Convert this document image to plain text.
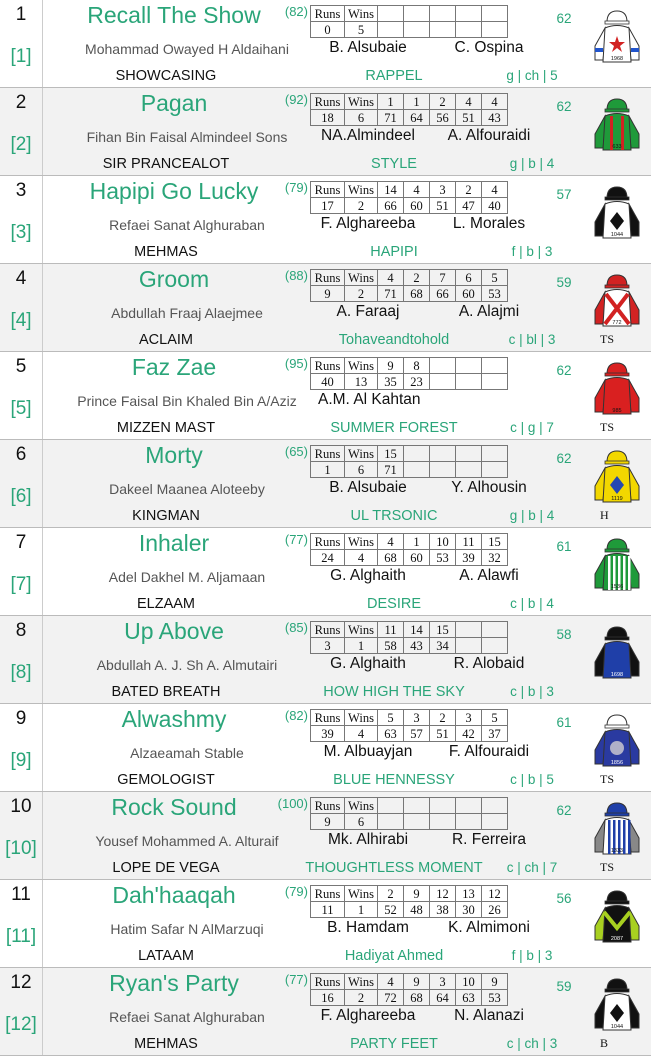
1
[1]
Recall The Show	(82) Runs	Wins					
0	5					
62
Mohammad Owayed H Aldaihani	B. Alsubaie	C. Ospina
SHOWCASING	RAPPEL	g | ch | 5
1968
2
[2]
Pagan	(92) Runs	Wins	1	1	2	4	4
18	6	71	64	56	51	43
62
Fihan Bin Faisal Almindeel Sons	NA.Almindeel	A. Alfouraidi
SIR PRANCEALOT	STYLE	g | b | 4
633
3
[3]
Hapipi Go Lucky	(79) Runs	Wins	14	4	3	2	4
17	2	66	60	51	47	40
57
Refaei Sanat Alghuraban	F. Alghareeba	L. Morales
MEHMAS	HAPIPI	f | b | 3
1044
4
[4]
Groom	(88) Runs	Wins	4	2	7	6	5
9	2	71	68	66	60	53
59
Abdullah Fraaj Alaejmee	A. Faraaj	A. Alajmi
ACLAIM	Tohaveandtohold	c | bl | 3
772
TS
5
[5]
Faz Zae	(95) Runs	Wins	9	8			
40	13	35	23			
62
Prince Faisal Bin Khaled Bin A/Aziz	A.M. Al Kahtan
MIZZEN MAST	SUMMER FOREST	c | g | 7
985
TS
6
[6]
Morty	(65) Runs	Wins	15				
1	6	71				
62
Dakeel Maanea Aloteeby	B. Alsubaie	Y. Alhousin
KINGMAN	UL TRSONIC	g | b | 4
1119
H
7
[7]
Inhaler	(77) Runs	Wins	4	1	10	11	15
24	4	68	60	53	39	32
61
Adel Dakhel M. Aljamaan	G. Alghaith	A. Alawfi
ELZAAM	DESIRE	c | b | 4
1536
8
[8]
Up Above	(85) Runs	Wins	11	14	15		
3	1	58	43	34		
58
Abdullah A. J. Sh A. Almutairi	G. Alghaith	R. Alobaid
BATED BREATH	HOW HIGH THE SKY	c | b | 3
1698
9
[9]
Alwashmy	(82) Runs	Wins	5	3	2	3	5
39	4	63	57	51	42	37
61
Alzaeamah Stable	M. Albuayjan	F. Alfouraidi
GEMOLOGIST	BLUE HENNESSY	c | b | 5
1856
TS
10
[10]
Rock Sound	(100) Runs	Wins					
9	6					
62
Yousef Mohammed A. Alturaif	Mk. Alhirabi	R. Ferreira
LOPE DE VEGA	THOUGHTLESS MOMENT	c | ch | 7
1333
TS
11
[11]
Dah'haaqah	(79) Runs	Wins	2	9	12	13	12
11	1	52	48	38	30	26
56
Hatim Safar N AlMarzuqi	B. Hamdam	K. Almimoni
LATAAM	Hadiyat Ahmed	f | b | 3
2087
12
[12]
Ryan's Party	(77) Runs	Wins	4	9	3	10	9
16	2	72	68	64	63	53
59
Refaei Sanat Alghuraban	F. Alghareeba	N. Alanazi
MEHMAS	PARTY FEET	c | ch | 3
1044
B
